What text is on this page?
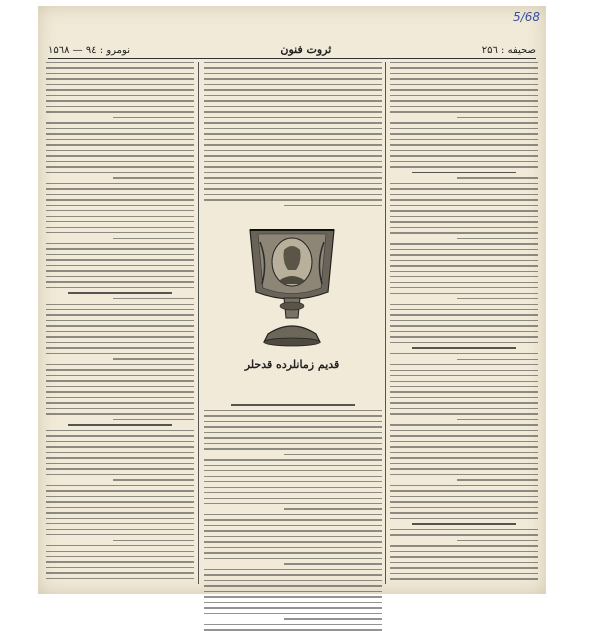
5/68
صحيفه : ۲۵٦
ثروت فنون
نومرو : ۹٤ — ۱۵٦۸
قديم زمانلرده قدحلر
